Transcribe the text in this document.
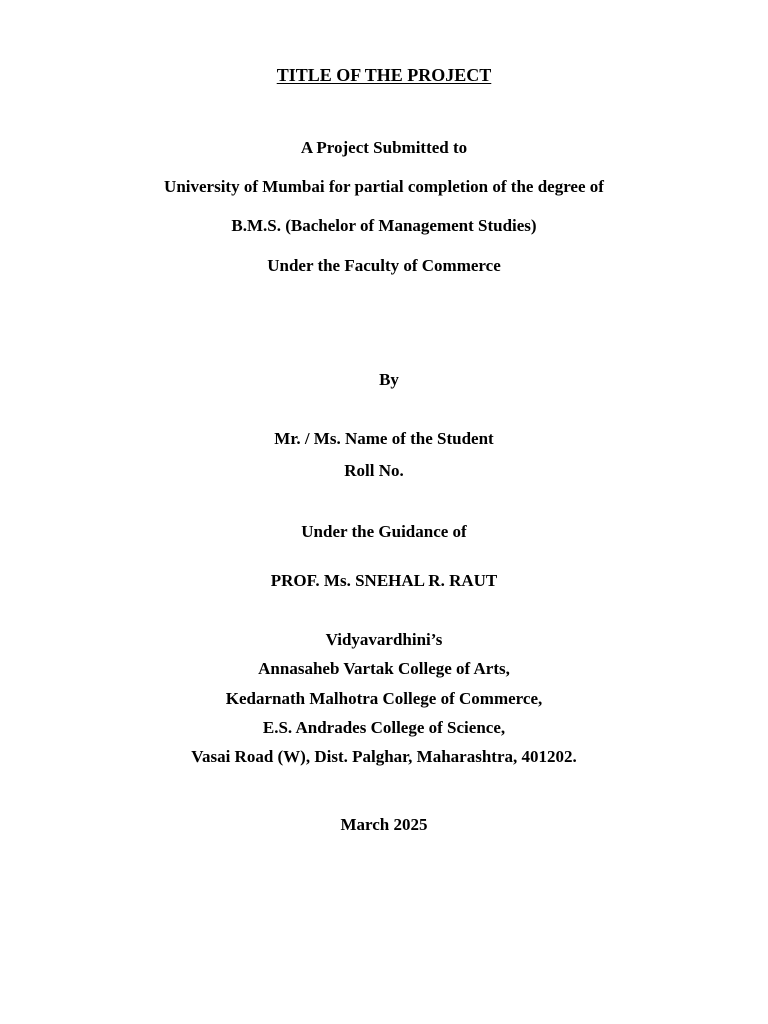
TITLE OF THE PROJECT
A Project Submitted to
University of Mumbai for partial completion of the degree of
B.M.S. (Bachelor of Management Studies)
Under the Faculty of Commerce
By
Mr. / Ms. Name of the Student
Roll No.
Under the Guidance of
PROF. Ms. SNEHAL R. RAUT
Vidyavardhini’s
Annasaheb Vartak College of Arts,
Kedarnath Malhotra College of Commerce,
E.S. Andrades College of Science,
Vasai Road (W), Dist. Palghar, Maharashtra, 401202.
March 2025
